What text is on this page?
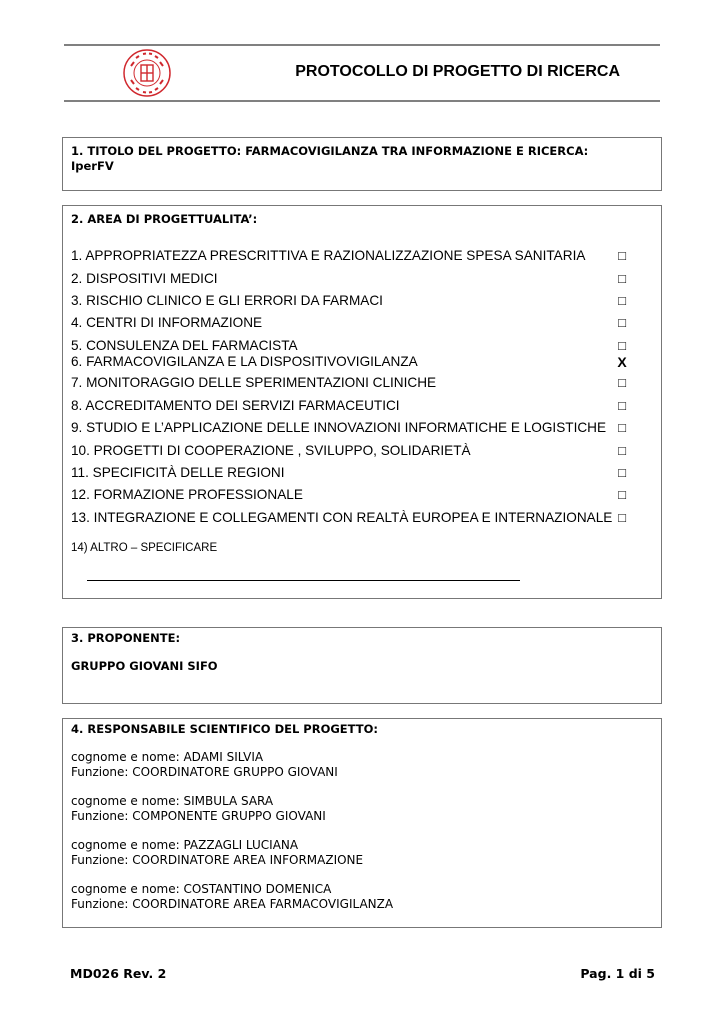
PROTOCOLLO DI PROGETTO DI RICERCA
1. TITOLO DEL PROGETTO: FARMACOVIGILANZA TRA INFORMAZIONE E RICERCA:
IperFV
2. AREA DI PROGETTUALITA’:
1. APPROPRIATEZZA PRESCRITTIVA E RAZIONALIZZAZIONE SPESA SANITARIA	□
2. DISPOSITIVI MEDICI	□
3. RISCHIO CLINICO E GLI ERRORI DA FARMACI	□
4. CENTRI DI INFORMAZIONE	□
5. CONSULENZA DEL FARMACISTA	□
6. FARMACOVIGILANZA E LA DISPOSITIVOVIGILANZA	X
7. MONITORAGGIO DELLE SPERIMENTAZIONI CLINICHE	□
8. ACCREDITAMENTO DEI SERVIZI FARMACEUTICI	□
9. STUDIO E L’APPLICAZIONE DELLE INNOVAZIONI INFORMATICHE E LOGISTICHE □
10. PROGETTI DI COOPERAZIONE , SVILUPPO, SOLIDARIETÀ	□
11. SPECIFICITÀ DELLE REGIONI	□
12. FORMAZIONE PROFESSIONALE	□
13. INTEGRAZIONE E COLLEGAMENTI CON REALTÀ EUROPEA E INTERNAZIONALE □
14) ALTRO – SPECIFICARE
3. PROPONENTE:
GRUPPO GIOVANI SIFO
4. RESPONSABILE SCIENTIFICO DEL PROGETTO:
cognome e nome: ADAMI SILVIA
Funzione: COORDINATORE GRUPPO GIOVANI
cognome e nome: SIMBULA SARA
Funzione: COMPONENTE GRUPPO GIOVANI
cognome e nome: PAZZAGLI LUCIANA
Funzione: COORDINATORE AREA INFORMAZIONE
cognome e nome: COSTANTINO DOMENICA
Funzione: COORDINATORE AREA FARMACOVIGILANZA
MD026 Rev. 2	Pag. 1 di 5
